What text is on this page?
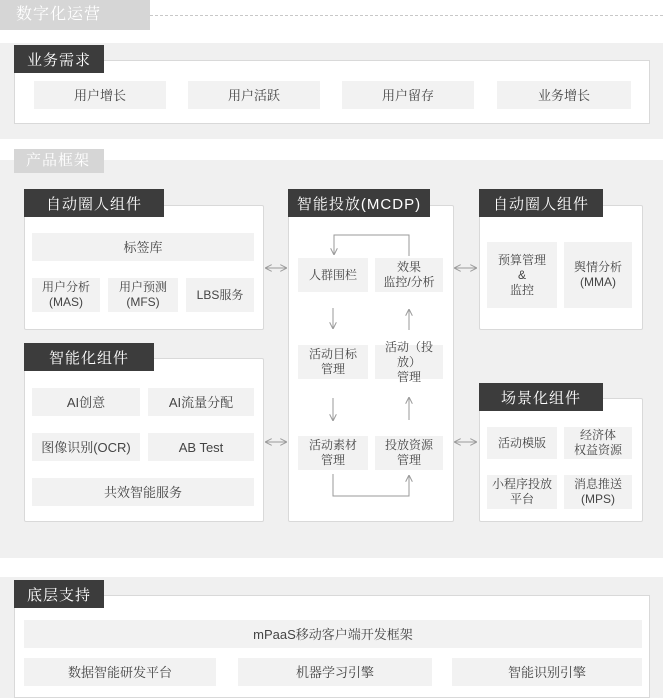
数字化运营
业务需求
用户增长	用户活跃	用户留存	业务增长
产品框架
自动圈人组件
标签库
用户分析
(MAS)
用户预测
(MFS)
LBS服务
智能化组件
AI创意	AI流量分配
图像识别(OCR)	AB Test
共效智能服务
智能投放(MCDP)
人群围栏
效果
监控/分析
活动目标
管理
活动（投放）
管理
活动素材
管理
投放资源
管理
自动圈人组件
预算管理
&
监控
舆情分析
(MMA)
场景化组件
活动模版
经济体
权益资源
小程序投放
平台
消息推送
(MPS)
底层支持
mPaaS移动客户端开发框架
数据智能研发平台	机器学习引擎	智能识别引擎
